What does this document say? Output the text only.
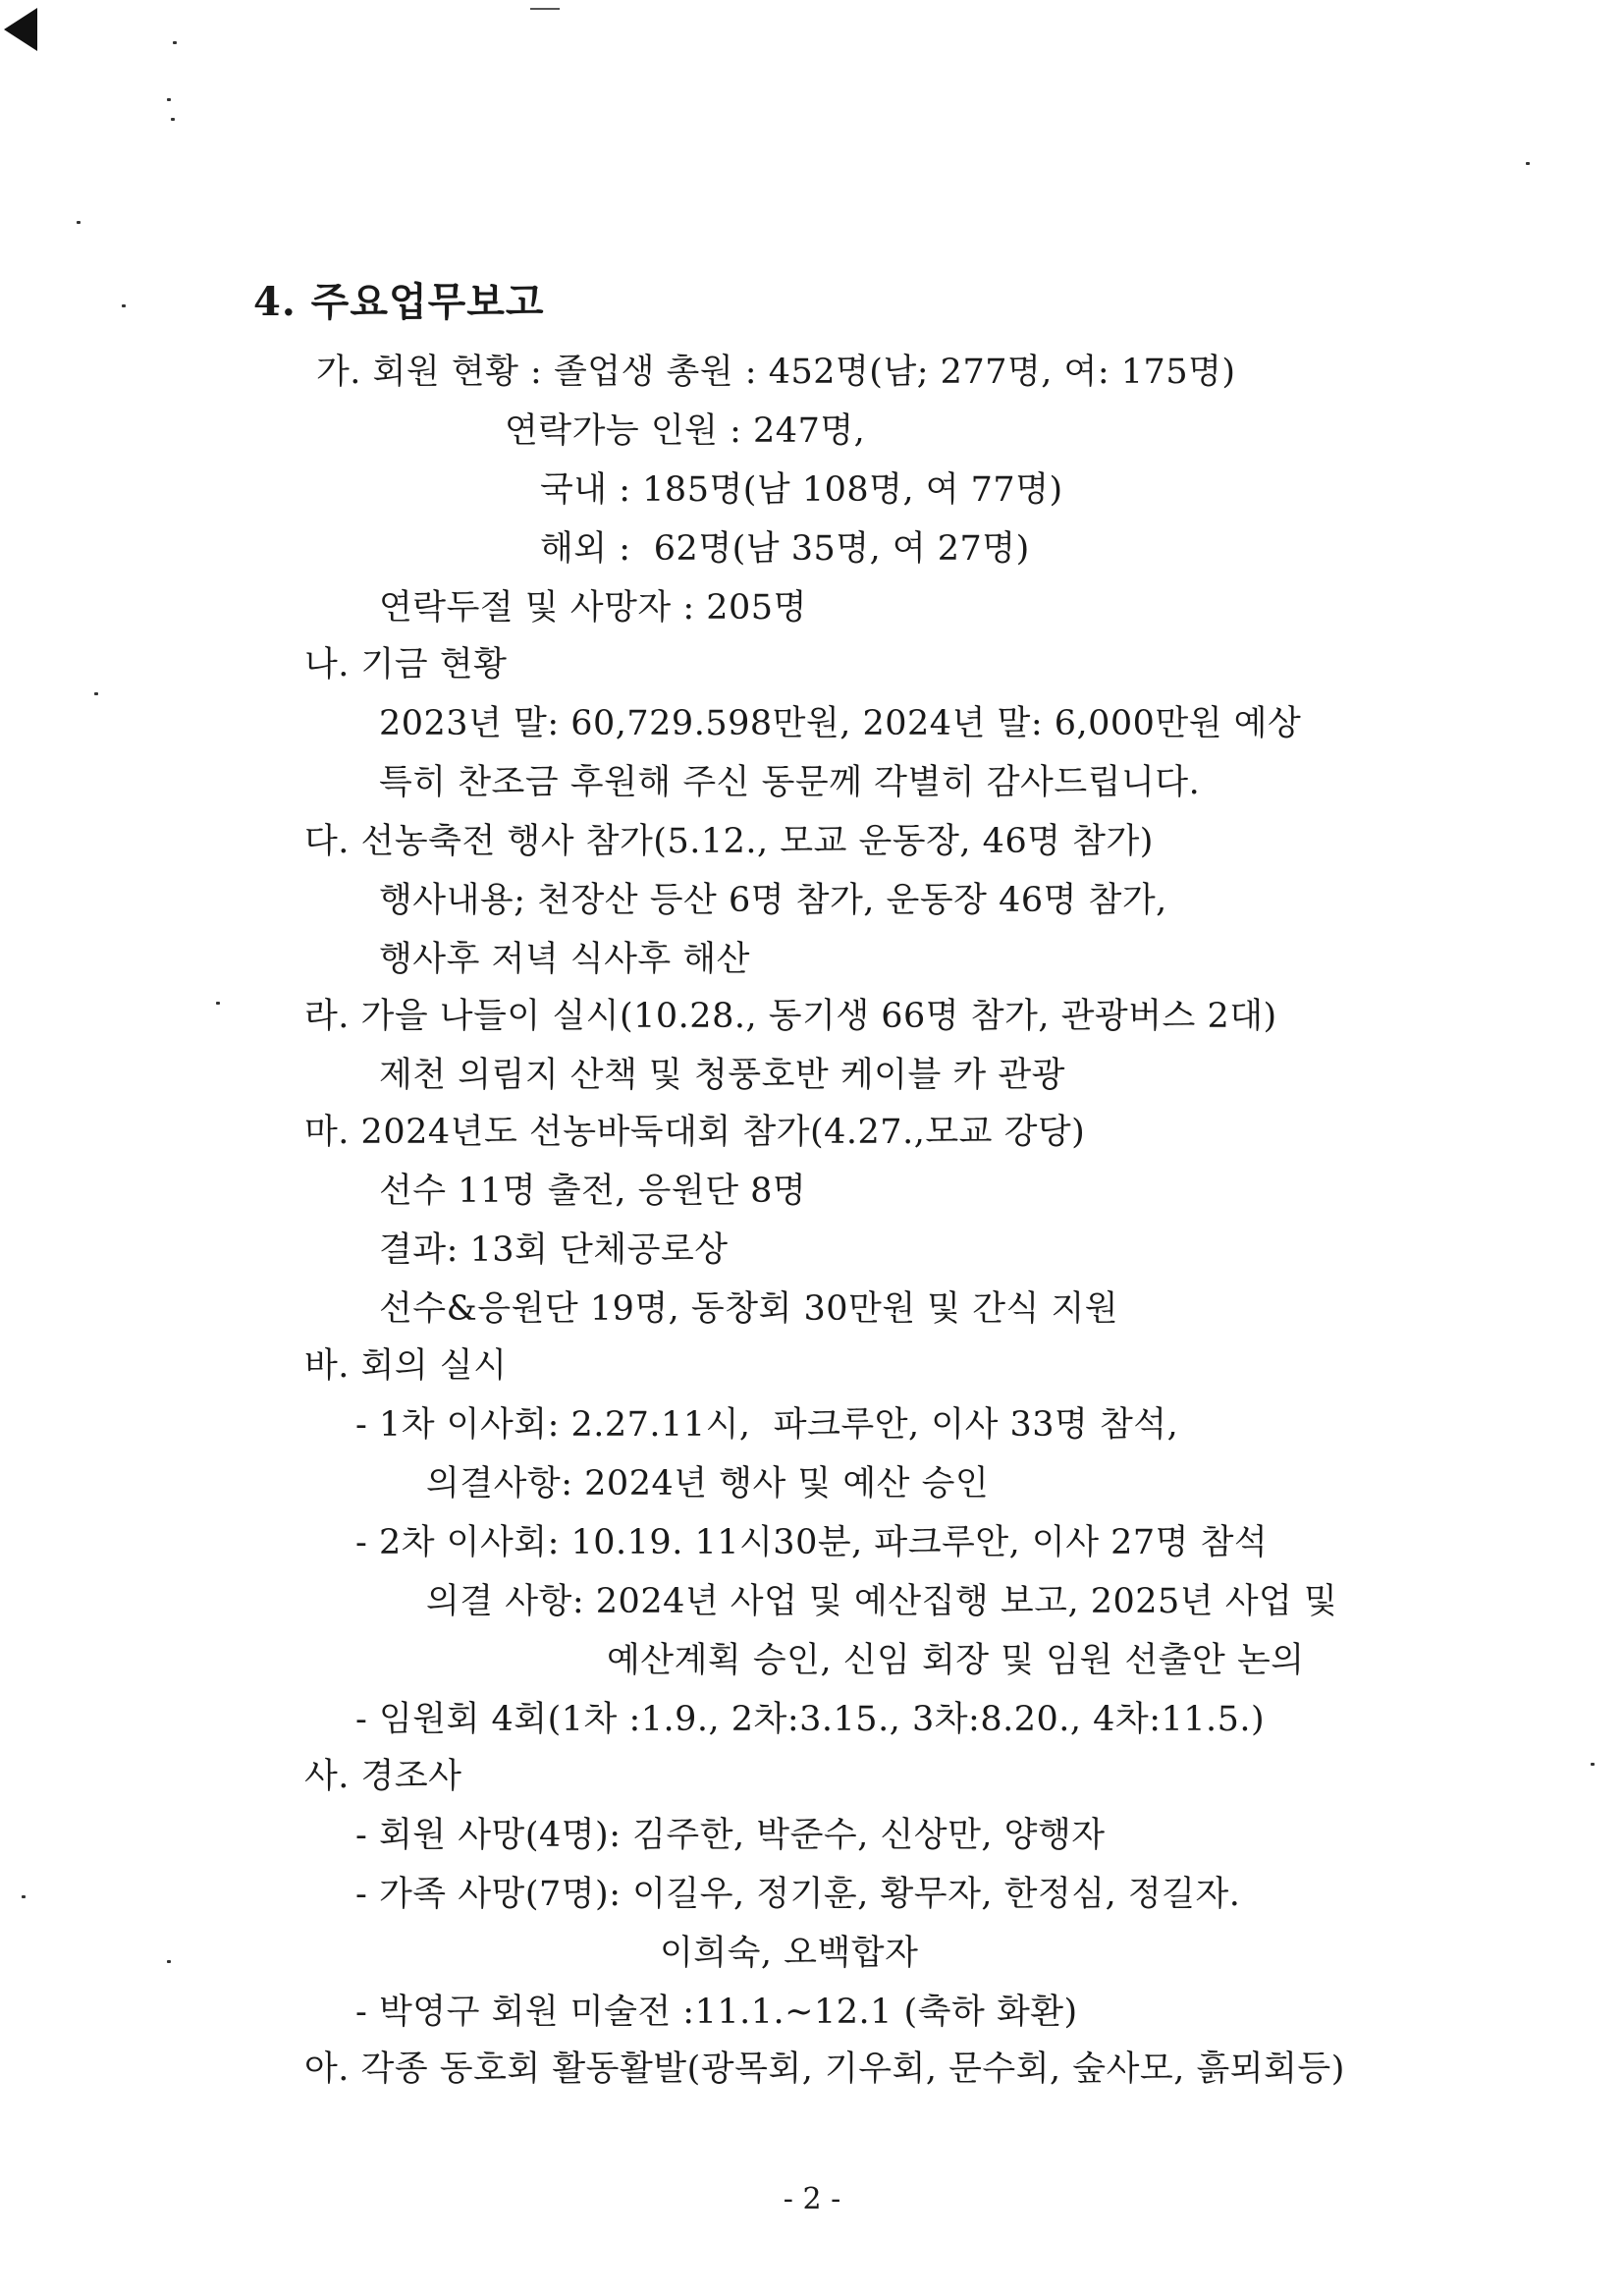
4. 주요업무보고
가. 회원 현황 : 졸업생 총원 : 452명(남; 277명, 여: 175명)
연락가능 인원 : 247명,
국내 : 185명(남 108명, 여 77명)
해외 :  62명(남 35명, 여 27명)
연락두절 및 사망자 : 205명
나. 기금 현황
2023년 말: 60,729.598만원, 2024년 말: 6,000만원 예상
특히 찬조금 후원해 주신 동문께 각별히 감사드립니다.
다. 선농축전 행사 참가(5.12., 모교 운동장, 46명 참가)
행사내용; 천장산 등산 6명 참가, 운동장 46명 참가,
행사후 저녁 식사후 해산
라. 가을 나들이 실시(10.28., 동기생 66명 참가, 관광버스 2대)
제천 의림지 산책 및 청풍호반 케이블 카 관광
마. 2024년도 선농바둑대회 참가(4.27.,모교 강당)
선수 11명 출전, 응원단 8명
결과: 13회 단체공로상
선수&응원단 19명, 동창회 30만원 및 간식 지원
바. 회의 실시
- 1차 이사회: 2.27.11시,  파크루안, 이사 33명 참석,
의결사항: 2024년 행사 및 예산 승인
- 2차 이사회: 10.19. 11시30분, 파크루안, 이사 27명 참석
의결 사항: 2024년 사업 및 예산집행 보고, 2025년 사업 및
예산계획 승인, 신임 회장 및 임원 선출안 논의
- 임원회 4회(1차 :1.9., 2차:3.15., 3차:8.20., 4차:11.5.)
사. 경조사
- 회원 사망(4명): 김주한, 박준수, 신상만, 양행자
- 가족 사망(7명): 이길우, 정기훈, 황무자, 한정심, 정길자.
이희숙, 오백합자
- 박영구 회원 미술전 :11.1.~12.1 (축하 화환)
아. 각종 동호회 활동활발(광목회, 기우회, 문수회, 숲사모, 흙뫼회등)
- 2 -
